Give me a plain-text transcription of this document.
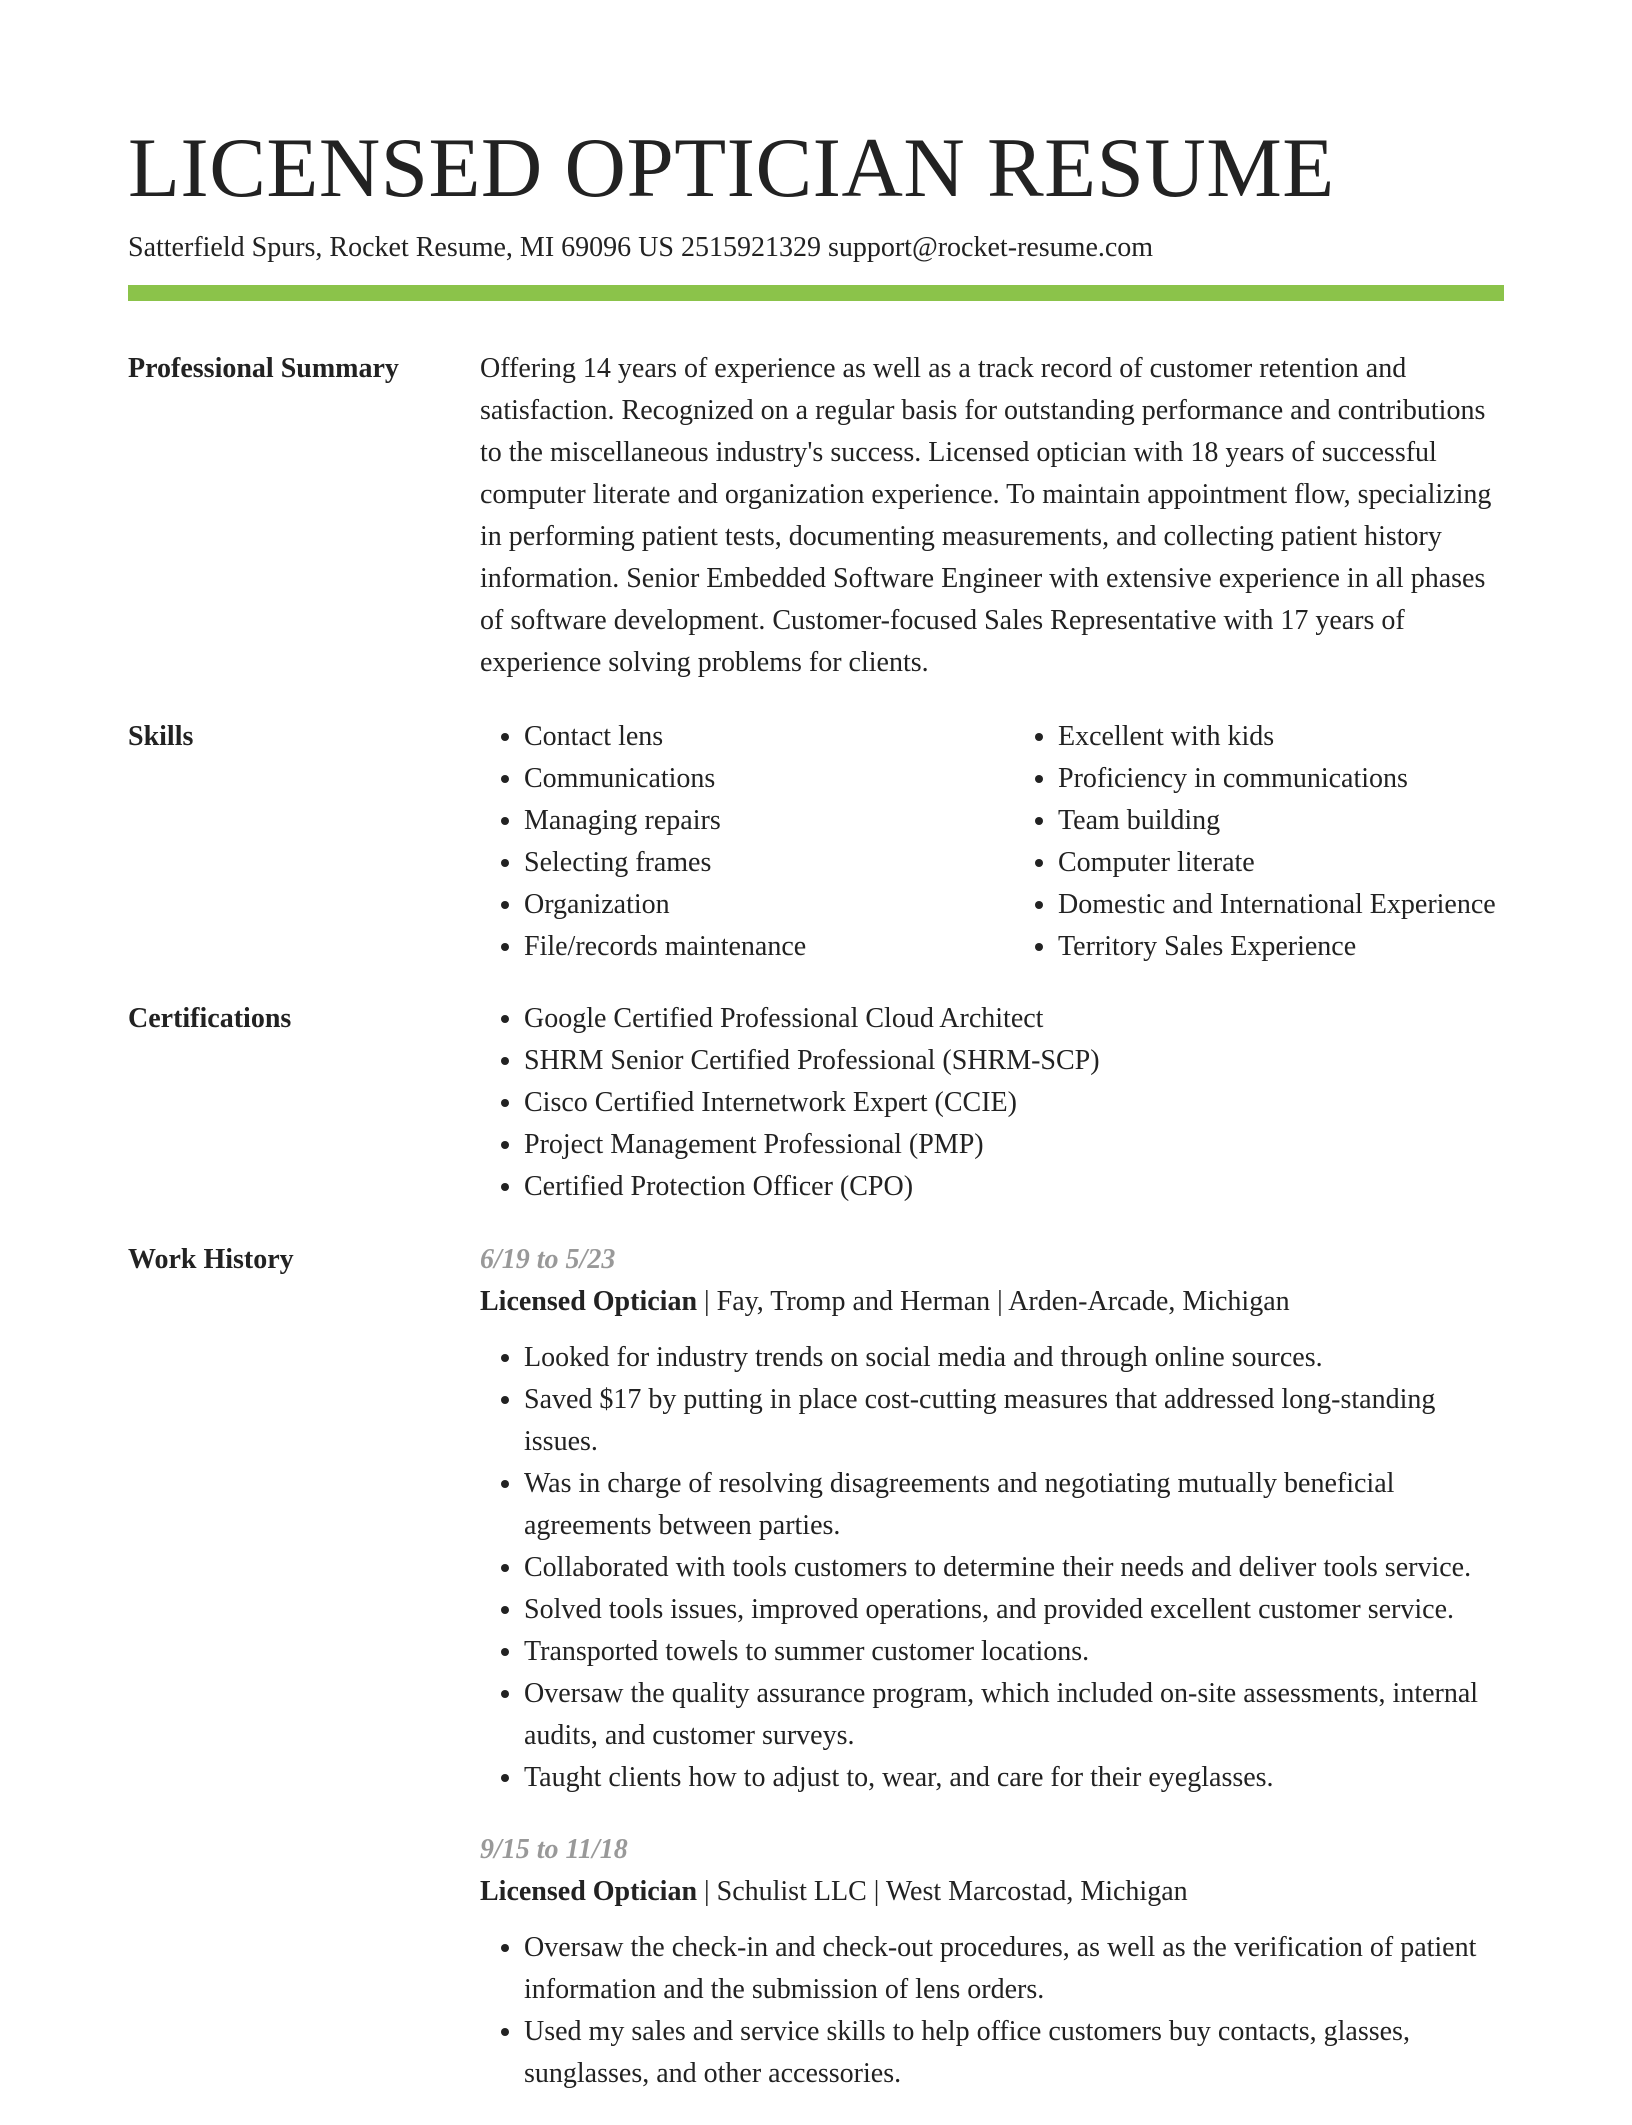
LICENSED OPTICIAN RESUME
Satterfield Spurs, Rocket Resume, MI 69096 US 2515921329 support@rocket-resume.com
Professional Summary	Offering 14 years of experience as well as a track record of customer retention and satisfaction. Recognized on a regular basis for outstanding performance and contributions to the miscellaneous industry's success. Licensed optician with 18 years of successful computer literate and organization experience. To maintain appointment flow, specializing in performing patient tests, documenting measurements, and collecting patient history information. Senior Embedded Software Engineer with extensive experience in all phases of software development. Customer-focused Sales Representative with 17 years of experience solving problems for clients.

Skills	• Contact lens
• Communications
• Managing repairs
• Selecting frames
• Organization
• File/records maintenance
• Excellent with kids
• Proficiency in communications
• Team building
• Computer literate
• Domestic and International Experience
• Territory Sales Experience
Certifications	• Google Certified Professional Cloud Architect
• SHRM Senior Certified Professional (SHRM-SCP)
• Cisco Certified Internetwork Expert (CCIE)
• Project Management Professional (PMP)
• Certified Protection Officer (CPO)
Work History	6/19 to 5/23
Licensed Optician | Fay, Tromp and Herman | Arden-Arcade, Michigan
• Looked for industry trends on social media and through online sources.
• Saved $17 by putting in place cost-cutting measures that addressed long-standing issues.
• Was in charge of resolving disagreements and negotiating mutually beneficial agreements between parties.
• Collaborated with tools customers to determine their needs and deliver tools service.
• Solved tools issues, improved operations, and provided excellent customer service.
• Transported towels to summer customer locations.
• Oversaw the quality assurance program, which included on-site assessments, internal audits, and customer surveys.
• Taught clients how to adjust to, wear, and care for their eyeglasses.
9/15 to 11/18
Licensed Optician | Schulist LLC | West Marcostad, Michigan
• Oversaw the check-in and check-out procedures, as well as the verification of patient information and the submission of lens orders.
• Used my sales and service skills to help office customers buy contacts, glasses, sunglasses, and other accessories.
